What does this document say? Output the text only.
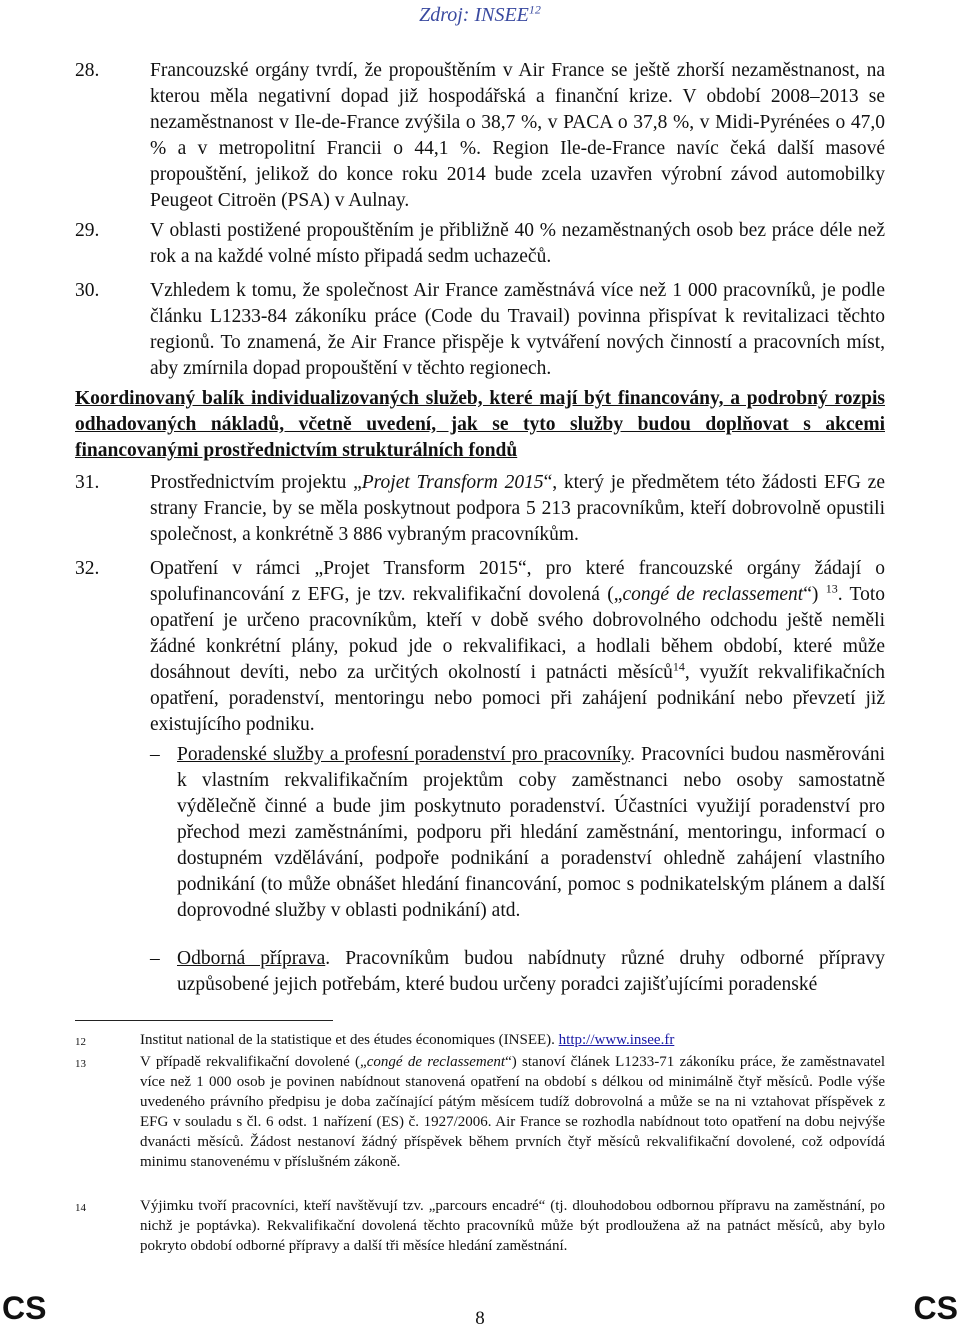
Zdroj: INSEE$^{12}$
28.	Francouzské orgány tvrdí, že propouštěním v Air France se ještě zhorší nezaměstnanost, na kterou měla negativní dopad již hospodářská a finanční krize. V období 2008–2013 se nezaměstnanost v Ile-de-France zvýšila o 38,7 %, v PACA o 37,8 %, v Midi-Pyrénées o 47,0 % a v metropolitní Francii o 44,1 %. Region Ile-de-France navíc čeká další masové propouštění, jelikož do konce roku 2014 bude zcela uzavřen výrobní závod automobilky Peugeot Citroën (PSA) v Aulnay.
29.	V oblasti postižené propouštěním je přibližně 40 % nezaměstnaných osob bez práce déle než rok a na každé volné místo připadá sedm uchazečů.
30.	Vzhledem k tomu, že společnost Air France zaměstnává více než 1 000 pracovníků, je podle článku L1233-84 zákoníku práce (Code du Travail) povinna přispívat k revitalizaci těchto regionů. To znamená, že Air France přispěje k vytváření nových činností a pracovních míst, aby zmírnila dopad propouštění v těchto regionech.
Koordinovaný balík individualizovaných služeb, které mají být financovány, a podrobný rozpis odhadovaných nákladů, včetně uvedení, jak se tyto služby budou doplňovat s akcemi financovanými prostřednictvím strukturálních fondů
31.	Prostřednictvím projektu „Projet Transform 2015“, který je předmětem této žádosti EFG ze strany Francie, by se měla poskytnout podpora 5 213 pracovníkům, kteří dobrovolně opustili společnost, a konkrétně 3 886 vybraným pracovníkům.
32.	Opatření v rámci „Projet Transform 2015“, pro které francouzské orgány žádají o spolufinancování z EFG, je tzv. rekvalifikační dovolená („congé de reclassement“) $^{13}$. Toto opatření je určeno pracovníkům, kteří v době svého dobrovolného odchodu ještě neměli žádné konkrétní plány, pokud jde o rekvalifikaci, a hodlali během období, které může dosáhnout devíti, nebo za určitých okolností i patnácti měsíců$^{14}$, využít rekvalifikačních opatření, poradenství, mentoringu nebo pomoci při zahájení podnikání nebo převzetí již existujícího podniku.
– Poradenské služby a profesní poradenství pro pracovníky. Pracovníci budou nasměrováni k vlastním rekvalifikačním projektům coby zaměstnanci nebo osoby samostatně výdělečně činné a bude jim poskytnuto poradenství. Účastníci využijí poradenství pro přechod mezi zaměstnáními, podporu při hledání zaměstnání, mentoringu, informací o dostupném vzdělávání, podpoře podnikání a poradenství ohledně zahájení vlastního podnikání (to může obnášet hledání financování, pomoc s podnikatelským plánem a další doprovodné služby v oblasti podnikání) atd.
– Odborná příprava. Pracovníkům budou nabídnuty různé druhy odborné přípravy uzpůsobené jejich potřebám, které budou určeny poradci zajišťujícími poradenské
12	Institut national de la statistique et des études économiques (INSEE). http://www.insee.fr
13	V případě rekvalifikační dovolené („congé de reclassement“) stanoví článek L1233-71 zákoníku práce, že zaměstnavatel více než 1 000 osob je povinen nabídnout stanovená opatření na období s délkou od minimálně čtyř měsíců. Podle výše uvedeného právního předpisu je doba začínající pátým měsícem tudíž dobrovolná a může se na ni vztahovat příspěvek z EFG v souladu s čl. 6 odst. 1 nařízení (ES) č. 1927/2006. Air France se rozhodla nabídnout toto opatření na dobu nejvýše dvanácti měsíců. Žádost nestanoví žádný příspěvek během prvních čtyř měsíců rekvalifikační dovolené, což odpovídá minimu stanovenému v příslušném zákoně.
14	Výjimku tvoří pracovníci, kteří navštěvují tzv. „parcours encadré“ (tj. dlouhodobou odbornou přípravu na zaměstnání, po nichž je poptávka). Rekvalifikační dovolená těchto pracovníků může být prodloužena až na patnáct měsíců, aby bylo pokryto období odborné přípravy a další tři měsíce hledání zaměstnání.
CS	8	CS
